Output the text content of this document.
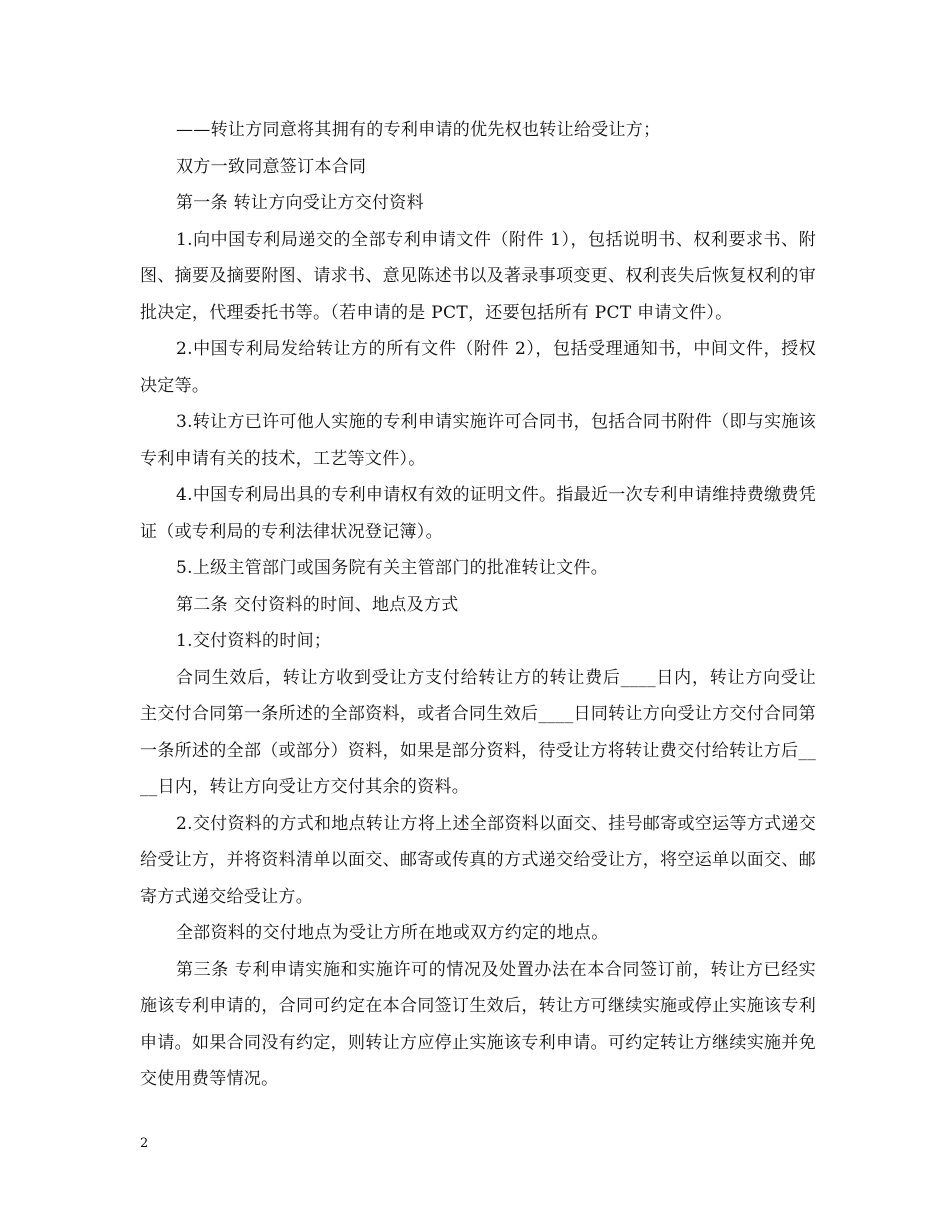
——转让方同意将其拥有的专利申请的优先权也转让给受让方；

双方一致同意签订本合同

第一条 转让方向受让方交付资料

1.向中国专利局递交的全部专利申请文件（附件 1），包括说明书、权利要求书、附图、摘要及摘要附图、请求书、意见陈述书以及著录事项变更、权利丧失后恢复权利的审批决定，代理委托书等。（若申请的是 PCT，还要包括所有 PCT 申请文件）。

2.中国专利局发给转让方的所有文件（附件 2），包括受理通知书，中间文件，授权决定等。

3.转让方已许可他人实施的专利申请实施许可合同书，包括合同书附件（即与实施该专利申请有关的技术，工艺等文件）。

4.中国专利局出具的专利申请权有效的证明文件。指最近一次专利申请维持费缴费凭证（或专利局的专利法律状况登记簿）。

5.上级主管部门或国务院有关主管部门的批准转让文件。

第二条 交付资料的时间、地点及方式

1.交付资料的时间；

合同生效后，转让方收到受让方支付给转让方的转让费后____日内，转让方向受让主交付合同第一条所述的全部资料，或者合同生效后____日同转让方向受让方交付合同第一条所述的全部（或部分）资料，如果是部分资料，待受让方将转让费交付给转让方后____日内，转让方向受让方交付其余的资料。

2.交付资料的方式和地点转让方将上述全部资料以面交、挂号邮寄或空运等方式递交给受让方，并将资料清单以面交、邮寄或传真的方式递交给受让方，将空运单以面交、邮寄方式递交给受让方。

全部资料的交付地点为受让方所在地或双方约定的地点。

第三条 专利申请实施和实施许可的情况及处置办法在本合同签订前，转让方已经实施该专利申请的，合同可约定在本合同签订生效后，转让方可继续实施或停止实施该专利申请。如果合同没有约定，则转让方应停止实施该专利申请。可约定转让方继续实施并免交使用费等情况。

2
